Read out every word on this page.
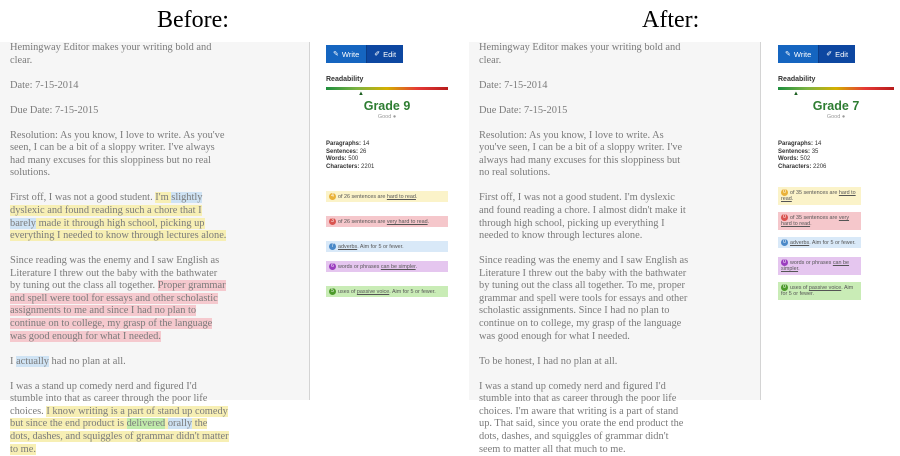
Before:	After:

Hemingway Editor makes your writing bold and clear.

Date: 7-15-2014

Due Date: 7-15-2015

Resolution: As you know, I love to write. As you've seen, I can be a bit of a sloppy writer. I've always had many excuses for this sloppiness but no real solutions.

First off, I was not a good student. I'm slightly dyslexic and found reading such a chore that I barely made it through high school, picking up everything I needed to know through lectures alone.

Since reading was the enemy and I saw English as Literature I threw out the baby with the bathwater by tuning out the class all together. Proper grammar and spell were tool for essays and other scholastic assignments to me and since I had no plan to continue on to college, my grasp of the language was good enough for what I needed.

I actually had no plan at all.

I was a stand up comedy nerd and figured I'd stumble into that as career through the poor life choices. I know writing is a part of stand up comedy but since the end product is delivered orally the dots, dashes, and squiggles of grammar didn't matter to me.

✎ Write ✐ Edit
Readability
▲
Grade 9
Good ●
Paragraphs: 14
Sentences: 26
Words: 500
Characters: 2201
4 of 26 sentences are hard to read.
3 of 26 sentences are very hard to read.
7 adverbs. Aim for 5 or fewer.
6 words or phrases can be simpler.
5 uses of passive voice. Aim for 5 or fewer.

Hemingway Editor makes your writing bold and clear.

Date: 7-15-2014

Due Date: 7-15-2015

Resolution: As you know, I love to write. As you've seen, I can be a bit of a sloppy writer. I've always had many excuses for this sloppiness but no real solutions.

First off, I was not a good student. I'm dyslexic and found reading a chore. I almost didn't make it through high school, picking up everything I needed to know through lectures alone.

Since reading was the enemy and I saw English as Literature I threw out the baby with the bathwater by tuning out the class all together. To me, proper grammar and spell were tools for essays and other scholastic assignments. Since I had no plan to continue on to college, my grasp of the language was good enough for what I needed.

To be honest, I had no plan at all.

I was a stand up comedy nerd and figured I'd stumble into that as career through the poor life choices. I'm aware that writing is a part of stand up. That said, since you orate the end product the dots, dashes, and squiggles of grammar didn't seem to matter all that much to me.

✎ Write ✐ Edit
Readability
▲
Grade 7
Good ●
Paragraphs: 14
Sentences: 35
Words: 502
Characters: 2206
0 of 35 sentences are hard to read.
0 of 35 sentences are very hard to read.
0 adverbs. Aim for 5 or fewer.
0 words or phrases can be simpler.
0 uses of passive voice. Aim for 5 or fewer.
